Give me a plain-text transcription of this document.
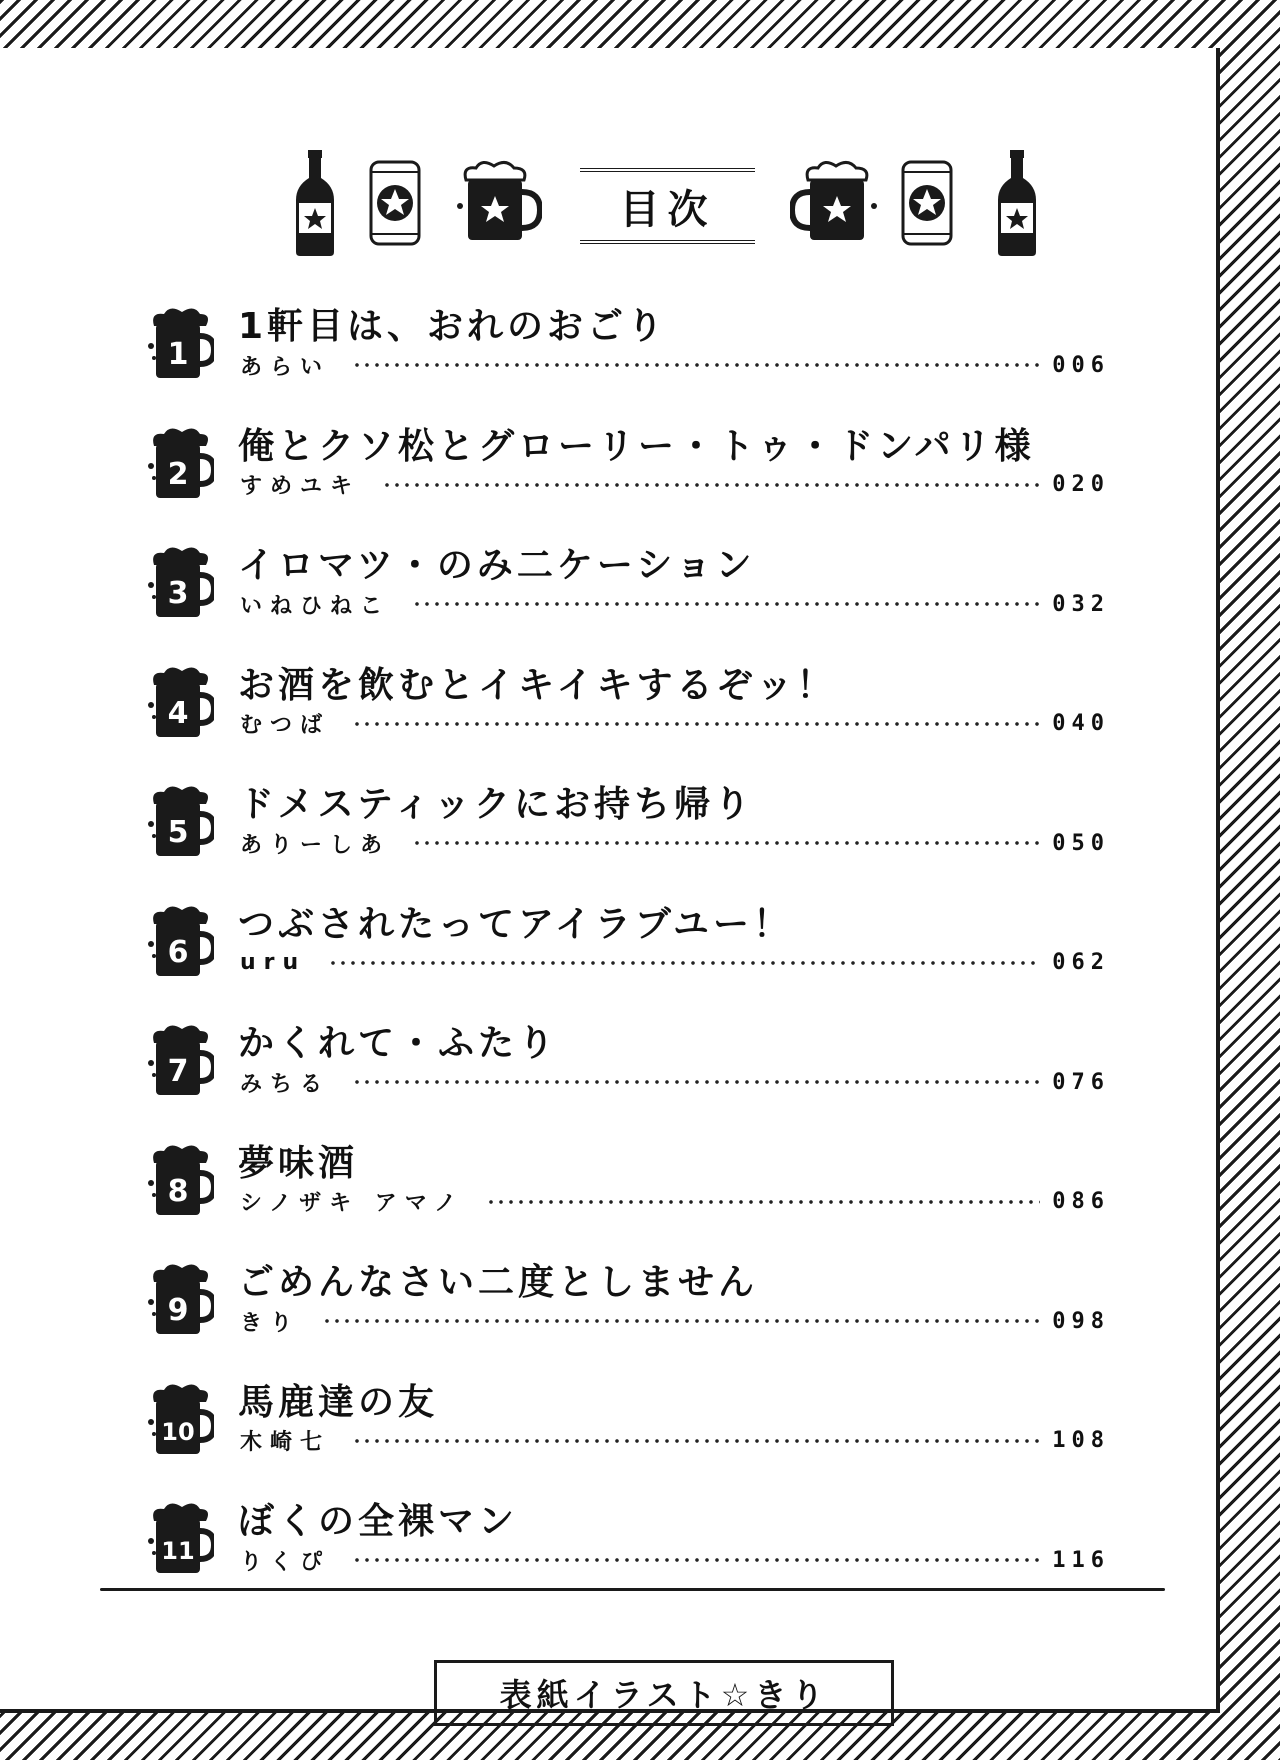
目次
1
1軒目は、おれのおごり
あらい	006
2
俺とクソ松とグローリー・トゥ・ドンパリ様
すめユキ	020
3
イロマツ・のみ二ケーション
いねひねこ	032
4
お酒を飲むとイキイキするぞッ！
むつば	040
5
ドメスティックにお持ち帰り
ありーしあ	050
6
つぶされたってアイラブユー！
uru	062
7
かくれて・ふたり
みちる	076
8
夢味酒
シノザキ アマノ	086
9
ごめんなさい二度としません
きり	098
10
馬鹿達の友
木崎七	108
11
ぼくの全裸マン
りくぴ	116
表紙イラスト☆きり
